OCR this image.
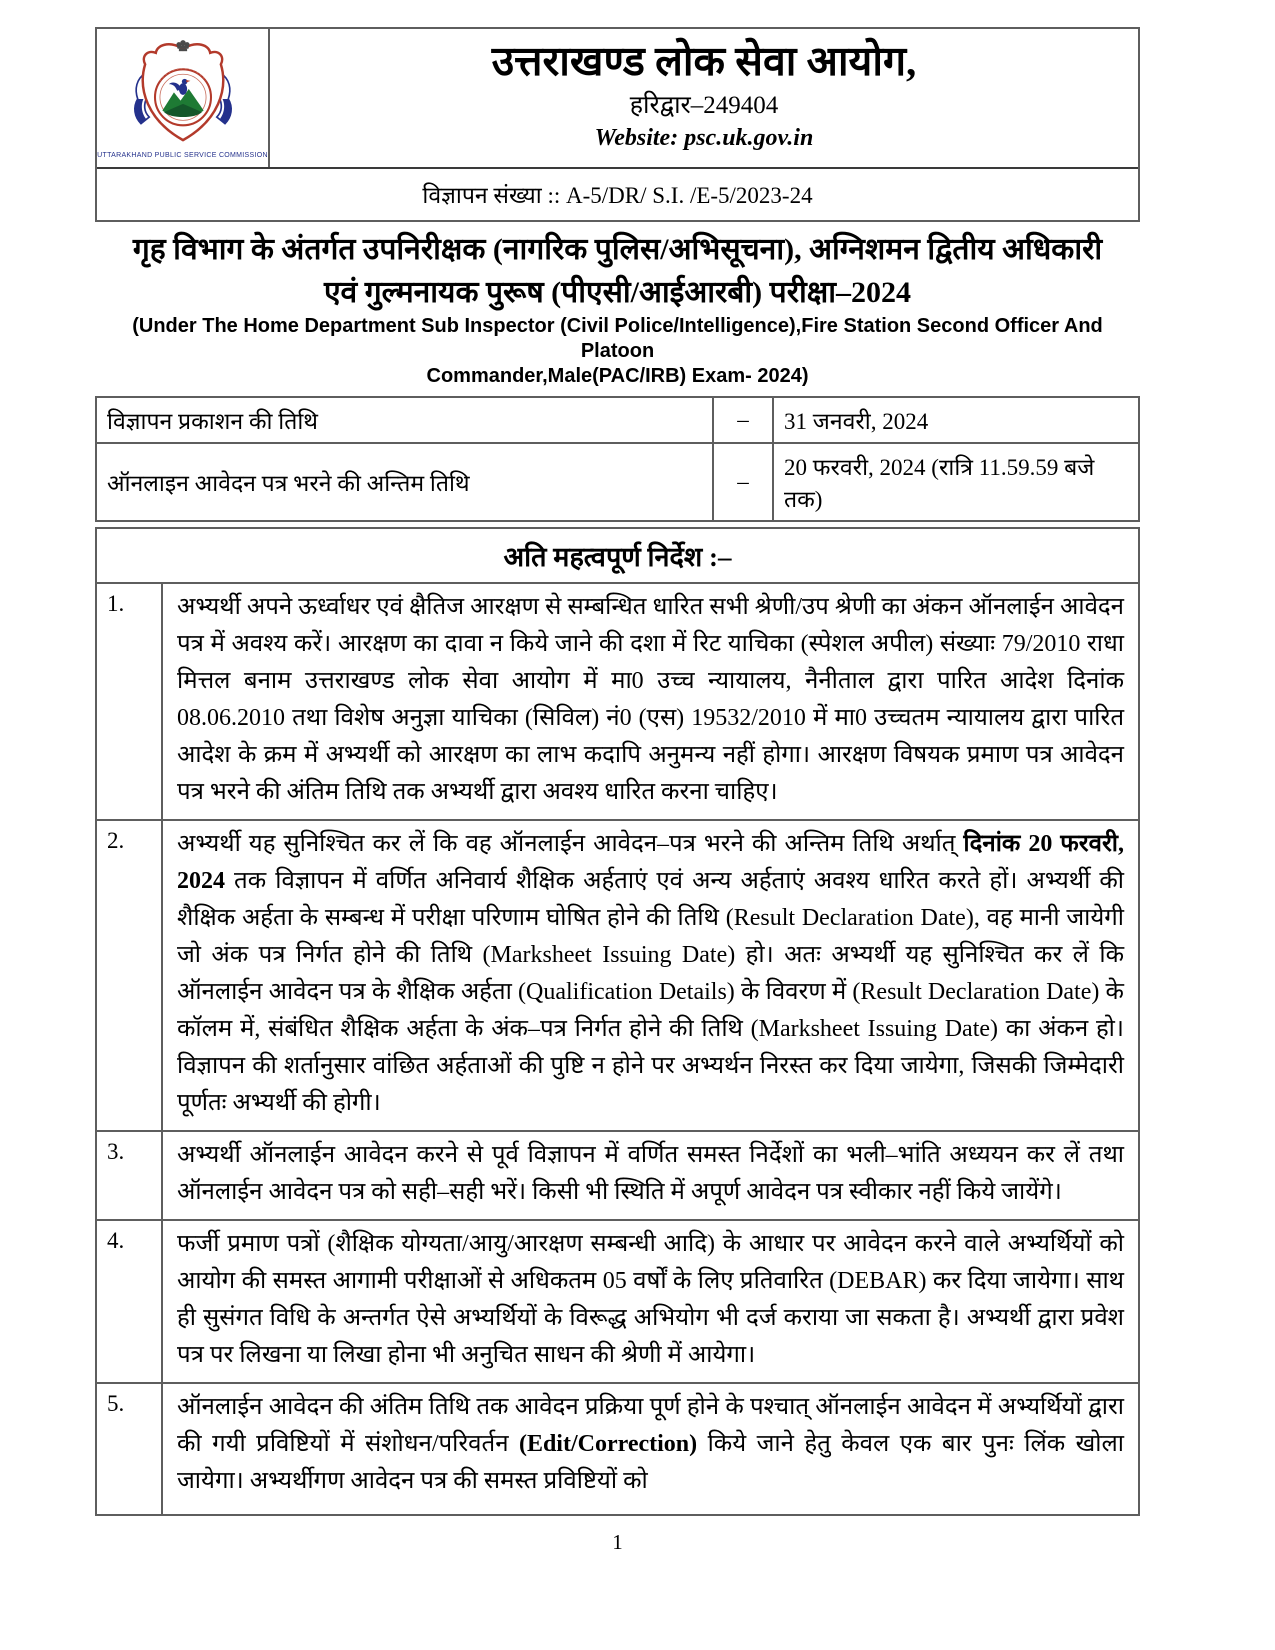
UTTARAKHAND PUBLIC SERVICE COMMISSION
उत्तराखण्ड लोक सेवा आयोग,
हरिद्वार–249404
Website: psc.uk.gov.in
विज्ञापन संख्या :: A-5/DR/ S.I. /E-5/2023-24
गृह विभाग के अंतर्गत उपनिरीक्षक (नागरिक पुलिस/अभिसूचना), अग्निशमन द्वितीय अधिकारी
एवं गुल्मनायक पुरूष (पीएसी/आईआरबी) परीक्षा–2024
(Under The Home Department Sub Inspector (Civil Police/Intelligence),Fire Station Second Officer And Platoon
Commander,Male(PAC/IRB) Exam- 2024)
विज्ञापन प्रकाशन की तिथि	–	31 जनवरी, 2024
ऑनलाइन आवेदन पत्र भरने की अन्तिम तिथि	–	20 फरवरी, 2024 (रात्रि 11.59.59 बजे तक)
अति महत्वपूर्ण निर्देश :–	
1.	अभ्यर्थी अपने ऊर्ध्वाधर एवं क्षैतिज आरक्षण से सम्बन्धित धारित सभी श्रेणी/उप श्रेणी का अंकन ऑनलाईन आवेदन पत्र में अवश्य करें। आरक्षण का दावा न किये जाने की दशा में रिट याचिका (स्पेशल अपील) संख्याः 79/2010 राधा मित्तल बनाम उत्तराखण्ड लोक सेवा आयोग में मा0 उच्च न्यायालय, नैनीताल द्वारा पारित आदेश दिनांक 08.06.2010 तथा विशेष अनुज्ञा याचिका (सिविल) नं0 (एस) 19532/2010 में मा0 उच्चतम न्यायालय द्वारा पारित आदेश के क्रम में अभ्यर्थी को आरक्षण का लाभ कदापि अनुमन्य नहीं होगा। आरक्षण विषयक प्रमाण पत्र आवेदन पत्र भरने की अंतिम तिथि तक अभ्यर्थी द्वारा अवश्य धारित करना चाहिए।
2.	अभ्यर्थी यह सुनिश्चित कर लें कि वह ऑनलाईन आवेदन–पत्र भरने की अन्तिम तिथि अर्थात् दिनांक 20 फरवरी, 2024 तक विज्ञापन में वर्णित अनिवार्य शैक्षिक अर्हताएं एवं अन्य अर्हताएं अवश्य धारित करते हों। अभ्यर्थी की शैक्षिक अर्हता के सम्बन्ध में परीक्षा परिणाम घोषित होने की तिथि (Result Declaration Date), वह मानी जायेगी जो अंक पत्र निर्गत होने की तिथि (Marksheet Issuing Date) हो। अतः अभ्यर्थी यह सुनिश्चित कर लें कि ऑनलाईन आवेदन पत्र के शैक्षिक अर्हता (Qualification Details) के विवरण में (Result Declaration Date) के कॉलम में, संबंधित शैक्षिक अर्हता के अंक–पत्र निर्गत होने की तिथि (Marksheet Issuing Date) का अंकन हो। विज्ञापन की शर्तानुसार वांछित अर्हताओं की पुष्टि न होने पर अभ्यर्थन निरस्त कर दिया जायेगा, जिसकी जिम्मेदारी पूर्णतः अभ्यर्थी की होगी।
3.	अभ्यर्थी ऑनलाईन आवेदन करने से पूर्व विज्ञापन में वर्णित समस्त निर्देशों का भली–भांति अध्ययन कर लें तथा ऑनलाईन आवेदन पत्र को सही–सही भरें। किसी भी स्थिति में अपूर्ण आवेदन पत्र स्वीकार नहीं किये जायेंगे।
4.	फर्जी प्रमाण पत्रों (शैक्षिक योग्यता/आयु/आरक्षण सम्बन्धी आदि) के आधार पर आवेदन करने वाले अभ्यर्थियों को आयोग की समस्त आगामी परीक्षाओं से अधिकतम 05 वर्षों के लिए प्रतिवारित (DEBAR) कर दिया जायेगा। साथ ही सुसंगत विधि के अन्तर्गत ऐसे अभ्यर्थियों के विरूद्ध अभियोग भी दर्ज कराया जा सकता है। अभ्यर्थी द्वारा प्रवेश पत्र पर लिखना या लिखा होना भी अनुचित साधन की श्रेणी में आयेगा।
5.	ऑनलाईन आवेदन की अंतिम तिथि तक आवेदन प्रक्रिया पूर्ण होने के पश्चात् ऑनलाईन आवेदन में अभ्यर्थियों द्वारा की गयी प्रविष्टियों में संशोधन/परिवर्तन (Edit/Correction) किये जाने हेतु केवल एक बार पुनः लिंक खोला जायेगा। अभ्यर्थीगण आवेदन पत्र की समस्त प्रविष्टियों को
1
